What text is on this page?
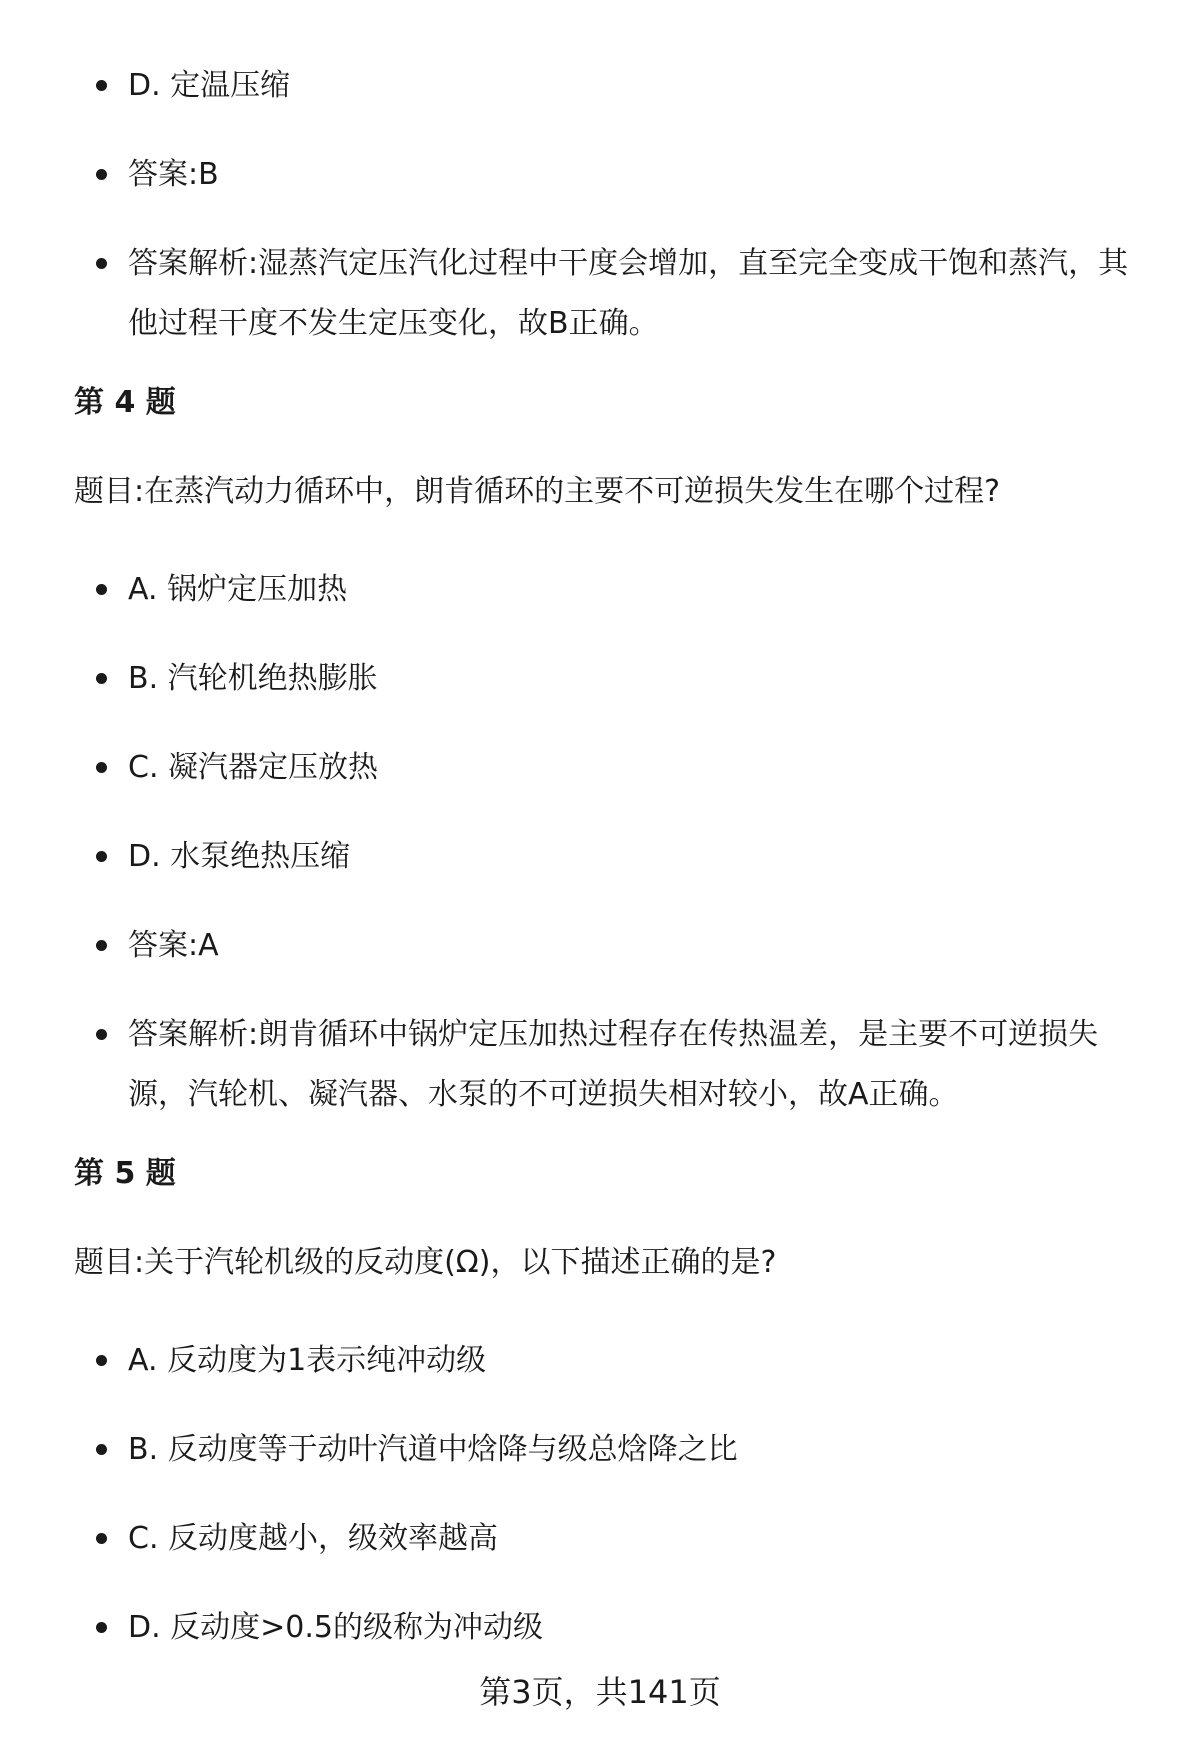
D. 定温压缩
答案:B
答案解析:湿蒸汽定压汽化过程中干度会增加，直至完全变成干饱和蒸汽，其他过程干度不发生定压变化，故B正确。
第 4 题
题目:在蒸汽动力循环中，朗肯循环的主要不可逆损失发生在哪个过程?
A. 锅炉定压加热
B. 汽轮机绝热膨胀
C. 凝汽器定压放热
D. 水泵绝热压缩
答案:A
答案解析:朗肯循环中锅炉定压加热过程存在传热温差，是主要不可逆损失源，汽轮机、凝汽器、水泵的不可逆损失相对较小，故A正确。
第 5 题
题目:关于汽轮机级的反动度(Ω)，以下描述正确的是?
A. 反动度为1表示纯冲动级
B. 反动度等于动叶汽道中焓降与级总焓降之比
C. 反动度越小，级效率越高
D. 反动度>0.5的级称为冲动级
第3页，共141页
